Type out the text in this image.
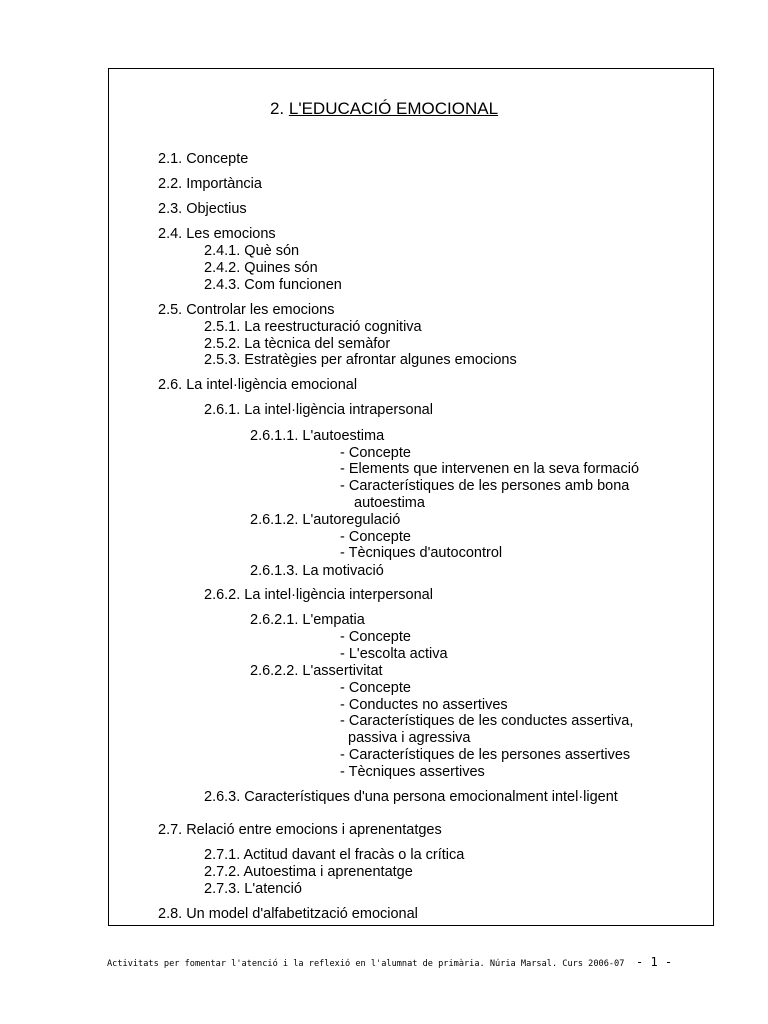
2. L'EDUCACIÓ EMOCIONAL
2.1. Concepte
2.2. Importància
2.3. Objectius
2.4. Les emocions
2.4.1. Què són
2.4.2. Quines són
2.4.3. Com funcionen
2.5. Controlar les emocions
2.5.1. La reestructuració cognitiva
2.5.2. La tècnica del semàfor
2.5.3. Estratègies per afrontar algunes emocions
2.6. La intel·ligència emocional
2.6.1. La intel·ligència intrapersonal
2.6.1.1. L'autoestima
- Concepte
- Elements que intervenen en la seva formació
- Característiques de les persones amb bona
autoestima
2.6.1.2. L'autoregulació
- Concepte
- Tècniques d'autocontrol
2.6.1.3. La motivació
2.6.2. La intel·ligència interpersonal
2.6.2.1. L'empatia
- Concepte
- L'escolta activa
2.6.2.2. L'assertivitat
- Concepte
- Conductes no assertives
- Característiques de les conductes assertiva,
passiva i agressiva
- Característiques de les persones assertives
- Tècniques assertives
2.6.3. Característiques d'una persona emocionalment intel·ligent
2.7. Relació entre emocions i aprenentatges
2.7.1. Actitud davant el fracàs o la crítica
2.7.2. Autoestima i aprenentatge
2.7.3. L'atenció
2.8. Un model d'alfabetització emocional
Activitats per fomentar l'atenció i la reflexió en l'alumnat de primària. Núria Marsal. Curs 2006-07 - 1 -
